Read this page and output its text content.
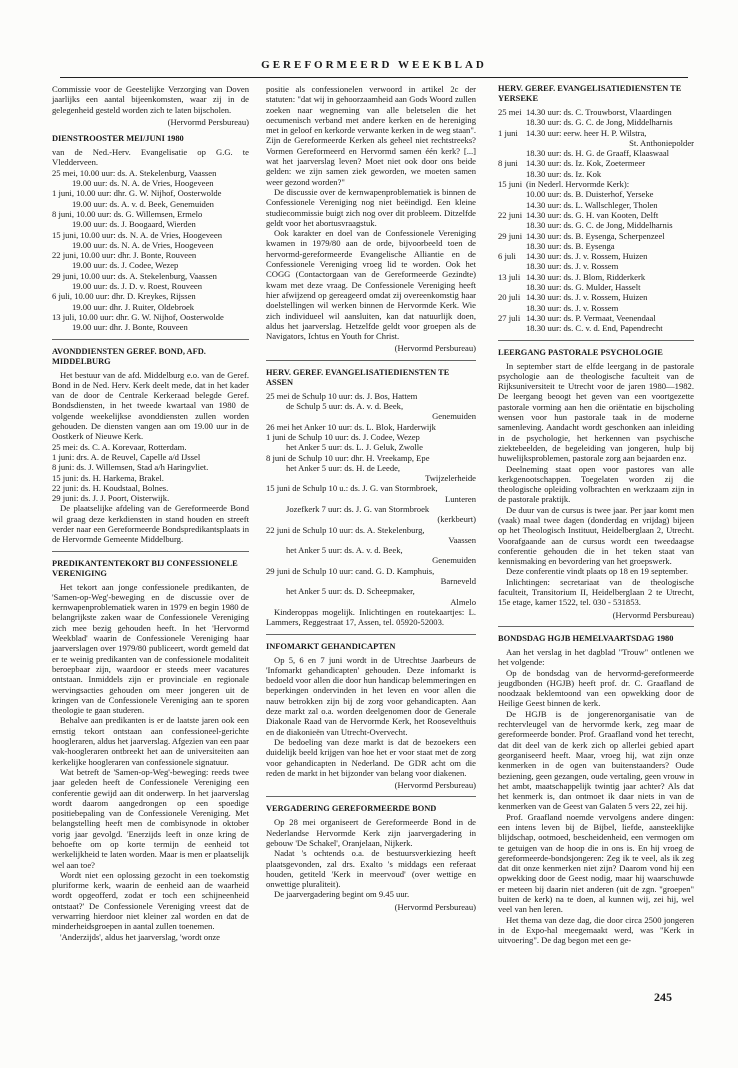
GEREFORMEERD WEEKBLAD

Commissie voor de Geestelijke Verzorging van Doven jaarlijks een aantal bijeenkomsten, waar zij in de gelegenheid gesteld worden zich te laten bijscholen.

(Hervormd Persbureau)
DIENSTROOSTER MEI/JUNI 1980

van de Ned.-Herv. Evangelisatie op G.G. te Vledderveen.

25 mei, 10.00 uur: ds. A. Stekelenburg, Vaassen
19.00 uur: ds. N. A. de Vries, Hoogeveen
1 juni, 10.00 uur: dhr. G. W. Nijhof, Oosterwolde
19.00 uur: ds. A. v. d. Beek, Genemuiden
8 juni, 10.00 uur: ds. G. Willemsen, Ermelo
19.00 uur: ds. J. Boogaard, Wierden
15 juni, 10.00 uur: ds. N. A. de Vries, Hoogeveen
19.00 uur: ds. N. A. de Vries, Hoogeveen
22 juni, 10.00 uur: dhr. J. Bonte, Rouveen
19.00 uur: ds. J. Codee, Wezep
29 juni, 10.00 uur: ds. A. Stekelenburg, Vaassen
19.00 uur: ds. J. D. v. Roest, Rouveen
6 juli, 10.00 uur: dhr. D. Kreykes, Rijssen
19.00 uur: dhr. J. Ruiter, Oldebroek
13 juli, 10.00 uur: dhr. G. W. Nijhof, Oosterwolde
19.00 uur: dhr. J. Bonte, Rouveen
AVONDDIENSTEN GEREF. BOND, AFD. MIDDELBURG

Het bestuur van de afd. Middelburg e.o. van de Geref. Bond in de Ned. Herv. Kerk deelt mede, dat in het kader van de door de Centrale Kerkeraad belegde Geref. Bondsdiensten, in het tweede kwartaal van 1980 de volgende weekelijkse avonddiensten zullen worden gehouden. De diensten vangen aan om 19.00 uur in de Oostkerk of Nieuwe Kerk.

25 mei: ds. C. A. Korevaar, Rotterdam.
1 juni: drs. A. de Reuvel, Capelle a/d IJssel
8 juni: ds. J. Willemsen, Stad a/h Haringvliet.
15 juni: ds. H. Harkema, Brakel.
22 juni: ds. H. Koudstaal, Bolnes.
29 juni: ds. J. J. Poort, Oisterwijk.

De plaatselijke afdeling van de Gereformeerde Bond wil graag deze kerkdiensten in stand houden en streeft verder naar een Gereformeerde Bondspredikantsplaats in de Hervormde Gemeente Middelburg.

PREDIKANTENTEKORT BIJ CONFESSIONELE VERENIGING

Het tekort aan jonge confessionele predikanten, de 'Samen-op-Weg'-beweging en de discussie over de kernwapenproblematiek waren in 1979 en begin 1980 de belangrijkste zaken waar de Confessionele Vereniging zich mee bezig gehouden heeft. In het 'Hervormd Weekblad' waarin de Confessionele Vereniging haar jaarverslagen over 1979/80 publiceert, wordt gemeld dat er te weinig predikanten van de confessionele modaliteit beroepbaar zijn, waardoor er steeds meer vacatures ontstaan. Inmiddels zijn er provinciale en regionale wervingsacties gehouden om meer jongeren uit de kringen van de Confessionele Vereniging aan te sporen theologie te gaan studeren.

Behalve aan predikanten is er de laatste jaren ook een ernstig tekort ontstaan aan confessioneel-gerichte hoogleraren, aldus het jaarverslag. Afgezien van een paar vak-hoogleraren ontbreekt het aan de universiteiten aan kerkelijke hoogleraren van confessionele signatuur.

Wat betreft de 'Samen-op-Weg'-beweging: reeds twee jaar geleden heeft de Confessionele Vereniging een conferentie gewijd aan dit onderwerp. In het jaarverslag wordt daarom aangedrongen op een spoedige positiebepaling van de Confessionele Vereniging. Met belangstelling heeft men de combisynode in oktober vorig jaar gevolgd. 'Enerzijds leeft in onze kring de behoefte om op korte termijn de eenheid tot werkelijkheid te laten worden. Maar is men er plaatselijk wel aan toe?

Wordt niet een oplossing gezocht in een toekomstig pluriforme kerk, waarin de eenheid aan de waarheid wordt opgeofferd, zodat er toch een schijneenheid ontstaat?' De Confessionele Vereniging vreest dat de verwarring hierdoor niet kleiner zal worden en dat de minderheidsgroepen in aantal zullen toenemen.

'Anderzijds', aldus het jaarverslag, 'wordt onze

positie als confessionelen verwoord in artikel 2c der statuten: "dat wij in gehoorzaamheid aan Gods Woord zullen zoeken naar wegneming van alle beletselen die het oecumenisch verband met andere kerken en de hereniging met in geloof en kerkorde verwante kerken in de weg staan". Zijn de Gereformeerde Kerken als geheel niet rechtstreeks? Vormen Gereformeerd en Hervormd samen één kerk? [...] wat het jaarverslag leven? Moet niet ook door ons beide gelden: we zijn samen ziek geworden, we moeten samen weer gezond worden?"

De discussie over de kernwapenproblematiek is binnen de Confessionele Vereniging nog niet beëindigd. Een kleine studiecommissie buigt zich nog over dit probleem. Ditzelfde geldt voor het abortusvraagstuk.

Ook karakter en doel van de Confessionele Vereniging kwamen in 1979/80 aan de orde, bijvoorbeeld toen de hervormd-gereformeerde Evangelische Alliantie en de Confessionele Vereniging vroeg lid te worden. Ook het COGG (Contactorgaan van de Gereformeerde Gezindte) kwam met deze vraag. De Confessionele Vereniging heeft hier afwijzend op gereageerd omdat zij overeenkomstig haar doelstellingen wil werken binnen de Hervormde Kerk. Wie zich individueel wil aansluiten, kan dat natuurlijk doen, aldus het jaarverslag. Hetzelfde geldt voor groepen als de Navigators, Ichtus en Youth for Christ.

(Hervormd Persbureau)
HERV. GEREF. EVANGELISATIEDIENSTEN TE ASSEN
25 mei de Schulp 10 uur: ds. J. Bos, Hattem
de Schulp 5 uur: ds. A. v. d. Beek,
Genemuiden
26 mei het Anker 10 uur: ds. L. Blok, Harderwijk
1 juni de Schulp 10 uur: ds. J. Codee, Wezep
het Anker 5 uur: ds. L. J. Geluk, Zwolle
8 juni de Schulp 10 uur: dhr. H. Vreekamp, Epe
het Anker 5 uur: ds. H. de Leede,
Twijzelerheide
15 juni de Schulp 10 u.: ds. J. G. van Stormbroek,
Lunteren
Jozefkerk 7 uur: ds. J. G. van Stormbroek
(kerkbeurt)
22 juni de Schulp 10 uur: ds. A. Stekelenburg,
Vaassen
het Anker 5 uur: ds. A. v. d. Beek,
Genemuiden
29 juni de Schulp 10 uur: cand. G. D. Kamphuis,
Barneveld
het Anker 5 uur: ds. D. Scheepmaker,
Almelo

Kinderoppas mogelijk. Inlichtingen en routekaartjes: L. Lammers, Reggestraat 17, Assen, tel. 05920-52003.

INFOMARKT GEHANDICAPTEN

Op 5, 6 en 7 juni wordt in de Utrechtse Jaarbeurs de 'Infomarkt gehandicapten' gehouden. Deze infomarkt is bedoeld voor allen die door hun handicap belemmeringen en beperkingen ondervinden in het leven en voor allen die nauw betrokken zijn bij de zorg voor gehandicapten. Aan deze markt zal o.a. worden deelgenomen door de Generale Diakonale Raad van de Hervormde Kerk, het Roosevelthuis en de diakonieën van Utrecht-Overvecht.

De bedoeling van deze markt is dat de bezoekers een duidelijk beeld krijgen van hoe het er voor staat met de zorg voor gehandicapten in Nederland. De GDR acht om die reden de markt in het bijzonder van belang voor diakenen.

(Hervormd Persbureau)
VERGADERING GEREFORMEERDE BOND

Op 28 mei organiseert de Gereformeerde Bond in de Nederlandse Hervormde Kerk zijn jaarvergadering in gebouw 'De Schakel', Oranjelaan, Nijkerk.

Nadat 's ochtends o.a. de bestuursverkiezing heeft plaatsgevonden, zal drs. Exalto 's middags een referaat houden, getiteld 'Kerk in meervoud' (over wettige en onwettige pluraliteit).

De jaarvergadering begint om 9.45 uur.

(Hervormd Persbureau)
HERV. GEREF. EVANGELISATIEDIENSTEN TE YERSEKE
25 mei 14.30 uur: ds. C. Trouwborst, Vlaardingen
18.30 uur: ds. G. C. de Jong, Middelharnis
1 juni 14.30 uur: eerw. heer H. P. Wilstra,
St. Anthoniepolder
18.30 uur: ds. H. G. de Graaff, Klaaswaal
8 juni 14.30 uur: ds. Iz. Kok, Zoetermeer
18.30 uur: ds. Iz. Kok
15 juni (in Nederl. Hervormde Kerk):
10.00 uur: ds. B. Duisterhof, Yerseke
14.30 uur: ds. L. Wallschleger, Tholen
22 juni 14.30 uur: ds. G. H. van Kooten, Delft
18.30 uur: ds. G. C. de Jong, Middelharnis
29 juni 14.30 uur: ds. B. Eysenga, Scherpenzeel
18.30 uur: ds. B. Eysenga
6 juli 14.30 uur: ds. J. v. Rossem, Huizen
18.30 uur: ds. J. v. Rossem
13 juli 14.30 uur: ds. J. Blom, Ridderkerk
18.30 uur: ds. G. Mulder, Hasselt
20 juli 14.30 uur: ds. J. v. Rossem, Huizen
18.30 uur: ds. J. v. Rossem
27 juli 14.30 uur: ds. P. Vermaat, Veenendaal
18.30 uur: ds. C. v. d. End, Papendrecht
LEERGANG PASTORALE PSYCHOLOGIE

In september start de elfde leergang in de pastorale psychologie aan de theologische faculteit van de Rijksuniversiteit te Utrecht voor de jaren 1980—1982. De leergang beoogt het geven van een voortgezette pastorale vorming aan hen die oriëntatie en bijscholing wensen voor hun pastorale taak in de moderne samenleving. Aandacht wordt geschonken aan inleiding in de psychologie, het herkennen van psychische ziektebeelden, de begeleiding van jongeren, hulp bij huwelijksproblemen, pastorale zorg aan bejaarden enz.

Deelneming staat open voor pastores van alle kerkgenootschappen. Toegelaten worden zij die theologische opleiding volbrachten en werkzaam zijn in de pastorale praktijk.

De duur van de cursus is twee jaar. Per jaar komt men (vaak) maal twee dagen (donderdag en vrijdag) bijeen op het Theologisch Instituut, Heidelberglaan 2, Utrecht. Voorafgaande aan de cursus wordt een tweedaagse conferentie gehouden die in het teken staat van kennismaking en bevordering van het groepswerk.

Deze conferentie vindt plaats op 18 en 19 september.

Inlichtingen: secretariaat van de theologische faculteit, Transitorium II, Heidelberglaan 2 te Utrecht, 15e etage, kamer 1522, tel. 030 - 531853.

(Hervormd Persbureau)
BONDSDAG HGJB HEMELVAARTSDAG 1980

Aan het verslag in het dagblad "Trouw" ontlenen we het volgende:

Op de bondsdag van de hervormd-gereformeerde jeugdbonden (HGJB) heeft prof. dr. C. Graafland de noodzaak beklemtoond van een opwekking door de Heilige Geest binnen de kerk.

De HGJB is de jongerenorganisatie van de rechtervleugel van de hervormde kerk, zeg maar de gereformeerde bonder. Prof. Graafland vond het terecht, dat dit deel van de kerk zich op allerlei gebied apart georganiseerd heeft. Maar, vroeg hij, wat zijn onze kenmerken in de ogen van buitenstaanders? Oude beziening, geen gezangen, oude vertaling, geen vrouw in het ambt, maatschappelijk twintig jaar achter? Als dat het kenmerk is, dan ontmoet ik daar niets in van de kenmerken van de Geest van Galaten 5 vers 22, zei hij.

Prof. Graafland noemde vervolgens andere dingen: een intens leven bij de Bijbel, liefde, aansteeklijke blijdschap, ootmoed, bescheidenheid, een vermogen om te getuigen van de hoop die in ons is. En hij vroeg de gereformeerde-bondsjongeren: Zeg ik te veel, als ik zeg dat dit onze kenmerken niet zijn? Daarom vond hij een opwekking door de Geest nodig, maar hij waarschuwde er meteen bij daarin niet anderen (uit de zgn. "groepen" buiten de kerk) na te doen, al kunnen wij, zei hij, wel veel van hen leren.

Het thema van deze dag, die door circa 2500 jongeren in de Expo-hal meegemaakt werd, was "Kerk in uitvoering". De dag begon met een ge-

245
